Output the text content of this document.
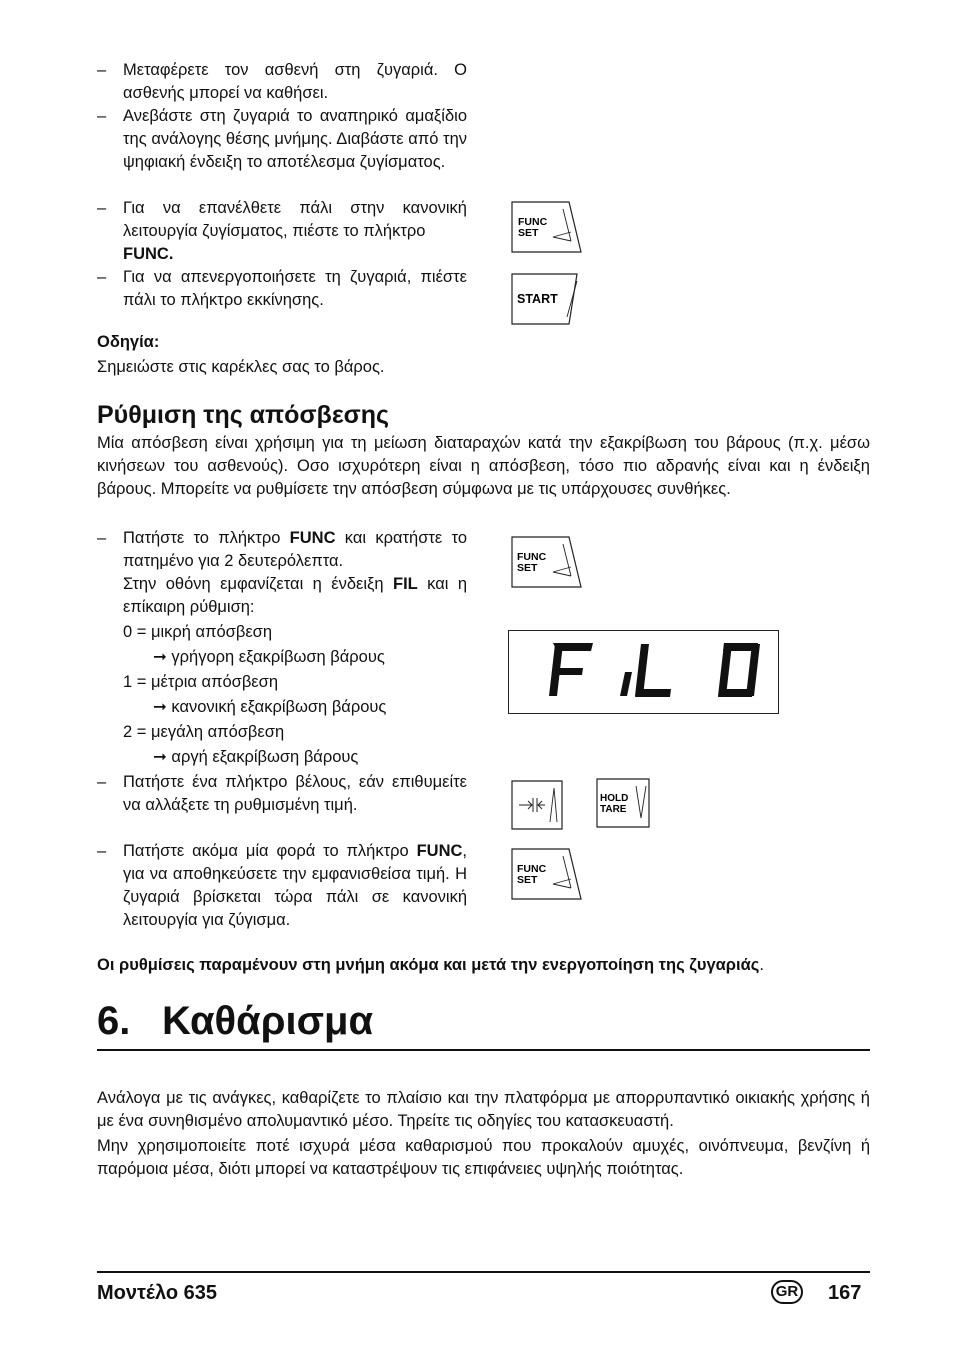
–	Μεταφέρετε τον ασθενή στη ζυγαριά. Ο ασθενής μπορεί να καθήσει.
–	Ανεβάστε στη ζυγαριά το αναπηρικό αμαξίδιο της ανάλογης θέσης μνήμης. Διαβάστε από την ψηφιακή ένδειξη το αποτέλεσμα ζυγίσματος.
–	Για να επανέλθετε πάλι στην κανονική λειτουργία ζυγίσματος, πιέστε το πλήκτρο
FUNC.
–	Για να απενεργοποιήσετε τη ζυγαριά, πιέστε πάλι το πλήκτρο εκκίνησης.
FUNC
SET
START
Οδηγία:
Σημειώστε στις καρέκλες σας το βάρος.
Ρύθμιση της απόσβεσης
Μία απόσβεση είναι χρήσιμη για τη μείωση διαταραχών κατά την εξακρίβωση του βάρους (π.χ. μέσω κινήσεων του ασθενούς). Οσο ισχυρότερη είναι η απόσβεση, τόσο πιο αδρανής είναι και η ένδειξη βάρους. Μπορείτε να ρυθμίσετε την απόσβεση σύμφωνα με τις υπάρχουσες συνθήκες.
–	Πατήστε το πλήκτρο FUNC και κρατήστε το πατημένο για 2 δευτερόλεπτα.
Στην οθόνη εμφανίζεται η ένδειξη FIL και η επίκαιρη ρύθμιση:
0 = μικρή απόσβεση
➞ γρήγορη εξακρίβωση βάρους
1 = μέτρια απόσβεση
➞ κανονική εξακρίβωση βάρους
2 = μεγάλη απόσβεση
➞ αργή εξακρίβωση βάρους
–	Πατήστε ένα πλήκτρο βέλους, εάν επιθυμείτε να αλλάξετε τη ρυθμισμένη τιμή.
–	Πατήστε ακόμα μία φορά το πλήκτρο FUNC, για να αποθηκεύσετε την εμφανισθείσα τιμή. Η ζυγαριά βρίσκεται τώρα πάλι σε κανονική λειτουργία για ζύγισμα.
Οι ρυθμίσεις παραμένουν στη μνήμη ακόμα και μετά την ενεργοποίηση της ζυγαριάς.
FUNC
SET
HOLD
TARE
FUNC
SET
6. Καθάρισμα
Ανάλογα με τις ανάγκες, καθαρίζετε το πλαίσιο και την πλατφόρμα με απορρυπαντικό οικιακής χρήσης ή με ένα συνηθισμένο απολυμαντικό μέσο. Τηρείτε τις οδηγίες του κατασκευαστή.
Μην χρησιμοποιείτε ποτέ ισχυρά μέσα καθαρισμού που προκαλούν αμυχές, οινόπνευμα, βενζίνη ή παρόμοια μέσα, διότι μπορεί να καταστρέψουν τις επιφάνειες υψηλής ποιότητας.
Μοντέλο 635	GR 167
